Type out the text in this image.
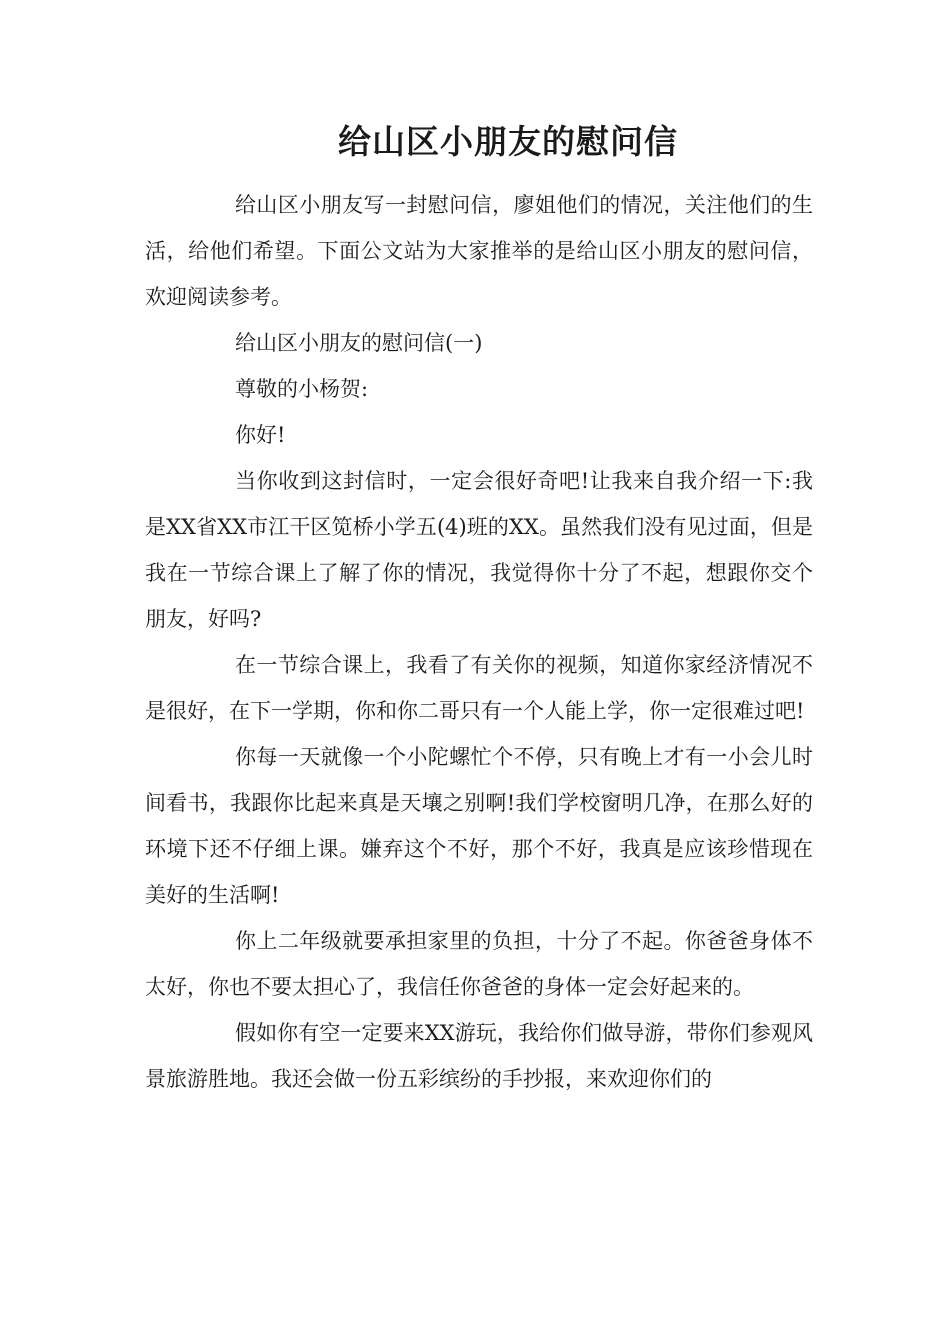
给山区小朋友的慰问信

给山区小朋友写一封慰问信，廖姐他们的情况，关注他们的生活，给他们希望。下面公文站为大家推举的是给山区小朋友的慰问信，欢迎阅读参考。

给山区小朋友的慰问信(一)

尊敬的小杨贺:

你好!

当你收到这封信时，一定会很好奇吧!让我来自我介绍一下:我是XX省XX市江干区笕桥小学五(4)班的XX。虽然我们没有见过面，但是我在一节综合课上了解了你的情况，我觉得你十分了不起，想跟你交个朋友，好吗?

在一节综合课上，我看了有关你的视频，知道你家经济情况不是很好，在下一学期，你和你二哥只有一个人能上学，你一定很难过吧!

你每一天就像一个小陀螺忙个不停，只有晚上才有一小会儿时间看书，我跟你比起来真是天壤之别啊!我们学校窗明几净，在那么好的环境下还不仔细上课。嫌弃这个不好，那个不好，我真是应该珍惜现在美好的生活啊!

你上二年级就要承担家里的负担，十分了不起。你爸爸身体不太好，你也不要太担心了，我信任你爸爸的身体一定会好起来的。

假如你有空一定要来XX游玩，我给你们做导游，带你们参观风景旅游胜地。我还会做一份五彩缤纷的手抄报，来欢迎你们的
